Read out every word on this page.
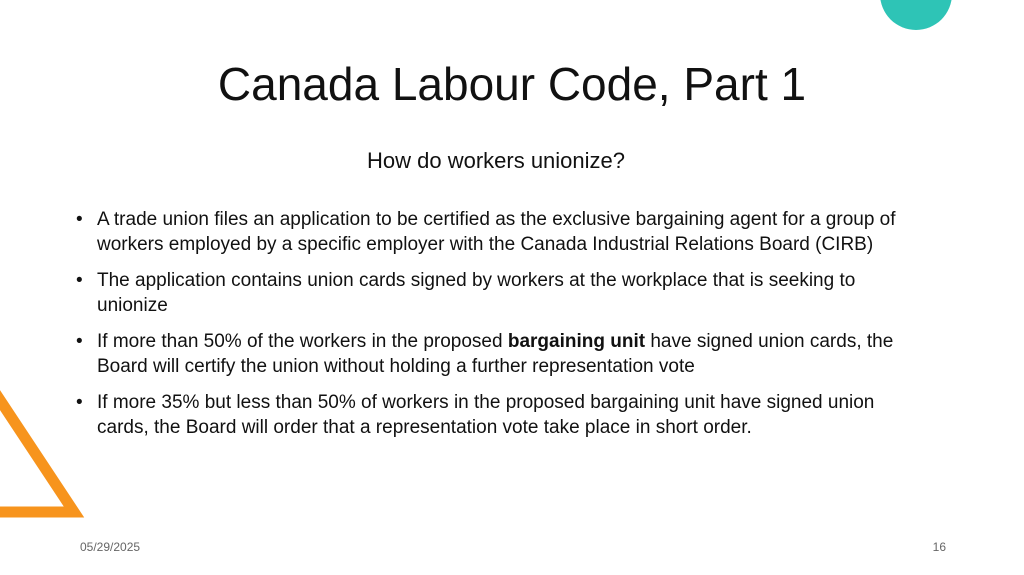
Canada Labour Code, Part 1
How do workers unionize?
• A trade union files an application to be certified as the exclusive bargaining agent for a group of workers employed by a specific employer with the Canada Industrial Relations Board (CIRB)
• The application contains union cards signed by workers at the workplace that is seeking to unionize
• If more than 50% of the workers in the proposed bargaining unit have signed union cards, the Board will certify the union without holding a further representation vote
• If more 35% but less than 50% of workers in the proposed bargaining unit have signed union cards, the Board will order that a representation vote take place in short order.
05/29/2025	16
